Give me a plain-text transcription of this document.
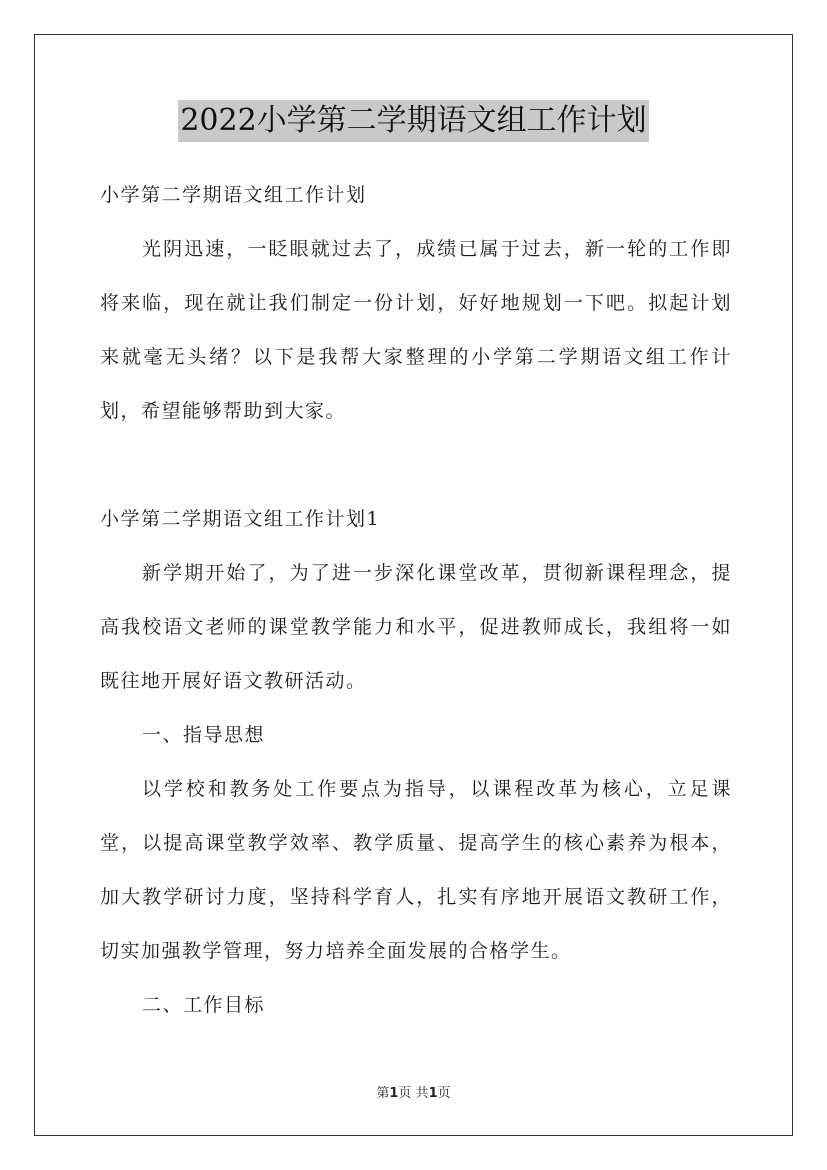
2022小学第二学期语文组工作计划

小学第二学期语文组工作计划

光阴迅速，一眨眼就过去了，成绩已属于过去，新一轮的工作即将来临，现在就让我们制定一份计划，好好地规划一下吧。拟起计划来就毫无头绪？以下是我帮大家整理的小学第二学期语文组工作计划，希望能够帮助到大家。

小学第二学期语文组工作计划1

新学期开始了，为了进一步深化课堂改革，贯彻新课程理念，提高我校语文老师的课堂教学能力和水平，促进教师成长，我组将一如既往地开展好语文教研活动。

一、指导思想

以学校和教务处工作要点为指导，以课程改革为核心，立足课堂，以提高课堂教学效率、教学质量、提高学生的核心素养为根本，加大教学研讨力度，坚持科学育人，扎实有序地开展语文教研工作，切实加强教学管理，努力培养全面发展的合格学生。

二、工作目标

第1页 共1页
